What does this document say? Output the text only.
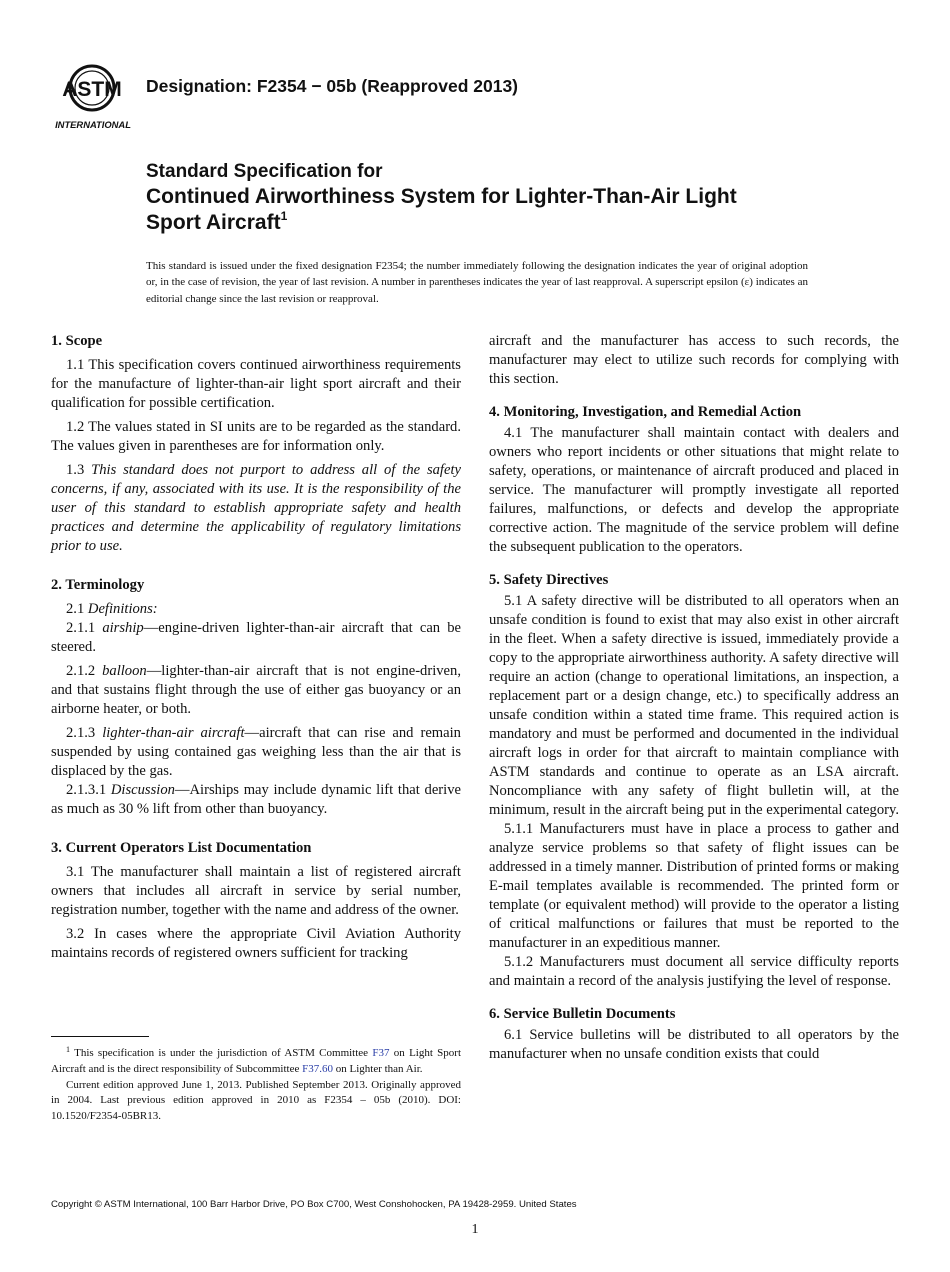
ASTM
INTERNATIONAL
Designation: F2354 − 05b (Reapproved 2013)
Standard Specification for
Continued Airworthiness System for Lighter-Than-Air Light
Sport Aircraft$^1$
This standard is issued under the fixed designation F2354; the number immediately following the designation indicates the year of original adoption or, in the case of revision, the year of last revision. A number in parentheses indicates the year of last reapproval. A superscript epsilon (ε) indicates an editorial change since the last revision or reapproval.
1. Scope

1.1 This specification covers continued airworthiness requirements for the manufacture of lighter-than-air light sport aircraft and their qualification for possible certification.

1.2 The values stated in SI units are to be regarded as the standard. The values given in parentheses are for information only.

1.3 This standard does not purport to address all of the safety concerns, if any, associated with its use. It is the responsibility of the user of this standard to establish appropriate safety and health practices and determine the applicability of regulatory limitations prior to use.

2. Terminology

2.1 Definitions:

2.1.1 airship—engine-driven lighter-than-air aircraft that can be steered.

2.1.2 balloon—lighter-than-air aircraft that is not engine-driven, and that sustains flight through the use of either gas buoyancy or an airborne heater, or both.

2.1.3 lighter-than-air aircraft—aircraft that can rise and remain suspended by using contained gas weighing less than the air that is displaced by the gas.

2.1.3.1 Discussion—Airships may include dynamic lift that derive as much as 30 % lift from other than buoyancy.

3. Current Operators List Documentation

3.1 The manufacturer shall maintain a list of registered aircraft owners that includes all aircraft in service by serial number, registration number, together with the name and address of the owner.

3.2 In cases where the appropriate Civil Aviation Authority maintains records of registered owners sufficient for tracking

$^1$ This specification is under the jurisdiction of ASTM Committee F37 on Light Sport Aircraft and is the direct responsibility of Subcommittee F37.60 on Lighter than Air.

Current edition approved June 1, 2013. Published September 2013. Originally approved in 2004. Last previous edition approved in 2010 as F2354 – 05b (2010). DOI: 10.1520/F2354-05BR13.

aircraft and the manufacturer has access to such records, the manufacturer may elect to utilize such records for complying with this section.

4. Monitoring, Investigation, and Remedial Action

4.1 The manufacturer shall maintain contact with dealers and owners who report incidents or other situations that might relate to safety, operations, or maintenance of aircraft produced and placed in service. The manufacturer will promptly investigate all reported failures, malfunctions, or defects and develop the appropriate corrective action. The magnitude of the service problem will define the subsequent publication to the operators.

5. Safety Directives

5.1 A safety directive will be distributed to all operators when an unsafe condition is found to exist that may also exist in other aircraft in the fleet. When a safety directive is issued, immediately provide a copy to the appropriate airworthiness authority. A safety directive will require an action (change to operational limitations, an inspection, a replacement part or a design change, etc.) to specifically address an unsafe condition within a stated time frame. This required action is mandatory and must be performed and documented in the individual aircraft logs in order for that aircraft to maintain compliance with ASTM standards and continue to operate as an LSA aircraft. Noncompliance with any safety of flight bulletin will, at the minimum, result in the aircraft being put in the experimental category.

5.1.1 Manufacturers must have in place a process to gather and analyze service problems so that safety of flight issues can be addressed in a timely manner. Distribution of printed forms or making E-mail templates available is recommended. The printed form or template (or equivalent method) will provide to the operator a listing of critical malfunctions or failures that must be reported to the manufacturer in an expeditious manner.

5.1.2 Manufacturers must document all service difficulty reports and maintain a record of the analysis justifying the level of response.

6. Service Bulletin Documents

6.1 Service bulletins will be distributed to all operators by the manufacturer when no unsafe condition exists that could

Copyright © ASTM International, 100 Barr Harbor Drive, PO Box C700, West Conshohocken, PA 19428-2959. United States
1
